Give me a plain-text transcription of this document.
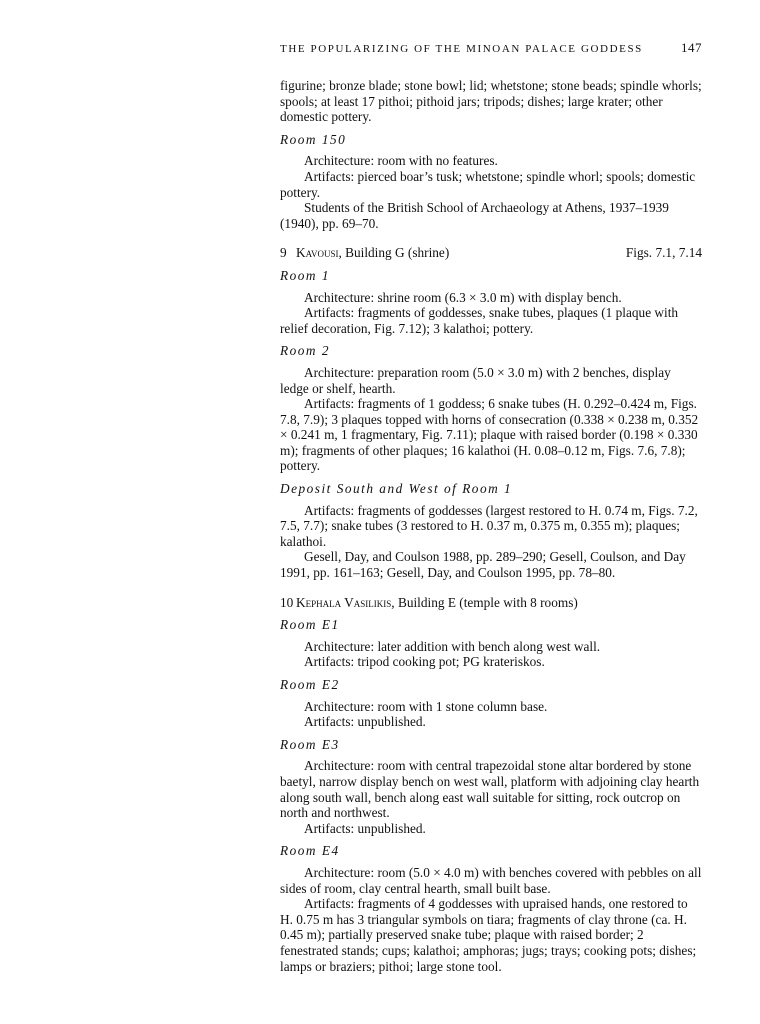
THE POPULARIZING OF THE MINOAN PALACE GODDESS	147

figurine; bronze blade; stone bowl; lid; whetstone; stone beads; spindle whorls; spools; at least 17 pithoi; pithoid jars; tripods; dishes; large krater; other domestic pottery.

Room 150

Architecture: room with no features.

Artifacts: pierced boar’s tusk; whetstone; spindle whorl; spools; domestic pottery.

Students of the British School of Archaeology at Athens, 1937–1939 (1940), pp. 69–70.

9 Kavousi, Building G (shrine)	Figs. 7.1, 7.14
Room 1

Architecture: shrine room (6.3 × 3.0 m) with display bench.

Artifacts: fragments of goddesses, snake tubes, plaques (1 plaque with relief decoration, Fig. 7.12); 3 kalathoi; pottery.

Room 2

Architecture: preparation room (5.0 × 3.0 m) with 2 benches, display ledge or shelf, hearth.

Artifacts: fragments of 1 goddess; 6 snake tubes (H. 0.292–0.424 m, Figs. 7.8, 7.9); 3 plaques topped with horns of consecration (0.338 × 0.238 m, 0.352 × 0.241 m, 1 fragmentary, Fig. 7.11); plaque with raised border (0.198 × 0.330 m); fragments of other plaques; 16 kalathoi (H. 0.08–0.12 m, Figs. 7.6, 7.8); pottery.

Deposit South and West of Room 1

Artifacts: fragments of goddesses (largest restored to H. 0.74 m, Figs. 7.2, 7.5, 7.7); snake tubes (3 restored to H. 0.37 m, 0.375 m, 0.355 m); plaques; kalathoi.

Gesell, Day, and Coulson 1988, pp. 289–290; Gesell, Coulson, and Day 1991, pp. 161–163; Gesell, Day, and Coulson 1995, pp. 78–80.

10 Kephala Vasilikis, Building E (temple with 8 rooms)
Room E1

Architecture: later addition with bench along west wall.

Artifacts: tripod cooking pot; PG krateriskos.

Room E2

Architecture: room with 1 stone column base.

Artifacts: unpublished.

Room E3

Architecture: room with central trapezoidal stone altar bordered by stone baetyl, narrow display bench on west wall, platform with adjoining clay hearth along south wall, bench along east wall suitable for sitting, rock outcrop on north and northwest.

Artifacts: unpublished.

Room E4

Architecture: room (5.0 × 4.0 m) with benches covered with pebbles on all sides of room, clay central hearth, small built base.

Artifacts: fragments of 4 goddesses with upraised hands, one restored to H. 0.75 m has 3 triangular symbols on tiara; fragments of clay throne (ca. H. 0.45 m); partially preserved snake tube; plaque with raised border; 2 fenestrated stands; cups; kalathoi; amphoras; jugs; trays; cooking pots; dishes; lamps or braziers; pithoi; large stone tool.
